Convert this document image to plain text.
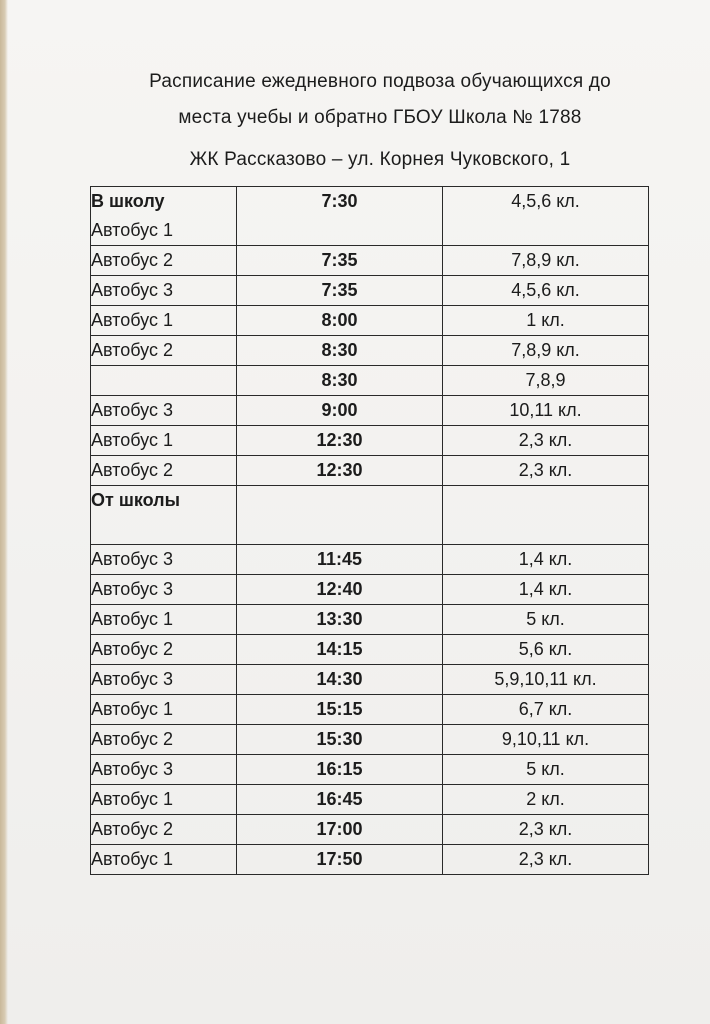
Расписание ежедневного подвоза обучающихся до
места учебы и обратно ГБОУ Школа № 1788
ЖК Рассказово – ул. Корнея Чуковского, 1
В школу
Автобус 1	7:30	4,5,6 кл.
Автобус 2	7:35	7,8,9 кл.
Автобус 3	7:35	4,5,6 кл.
Автобус 1	8:00	1 кл.
Автобус 2	8:30	7,8,9 кл.
	8:30	7,8,9
Автобус 3	9:00	10,11 кл.
Автобус 1	12:30	2,3 кл.
Автобус 2	12:30	2,3 кл.

От школы		

Автобус 3	11:45	1,4 кл.
Автобус 3	12:40	1,4 кл.
Автобус 1	13:30	5 кл.
Автобус 2	14:15	5,6 кл.
Автобус 3	14:30	5,9,10,11 кл.
Автобус 1	15:15	6,7 кл.
Автобус 2	15:30	9,10,11 кл.
Автобус 3	16:15	5 кл.
Автобус 1	16:45	2 кл.
Автобус 2	17:00	2,3 кл.
Автобус 1	17:50	2,3 кл.
